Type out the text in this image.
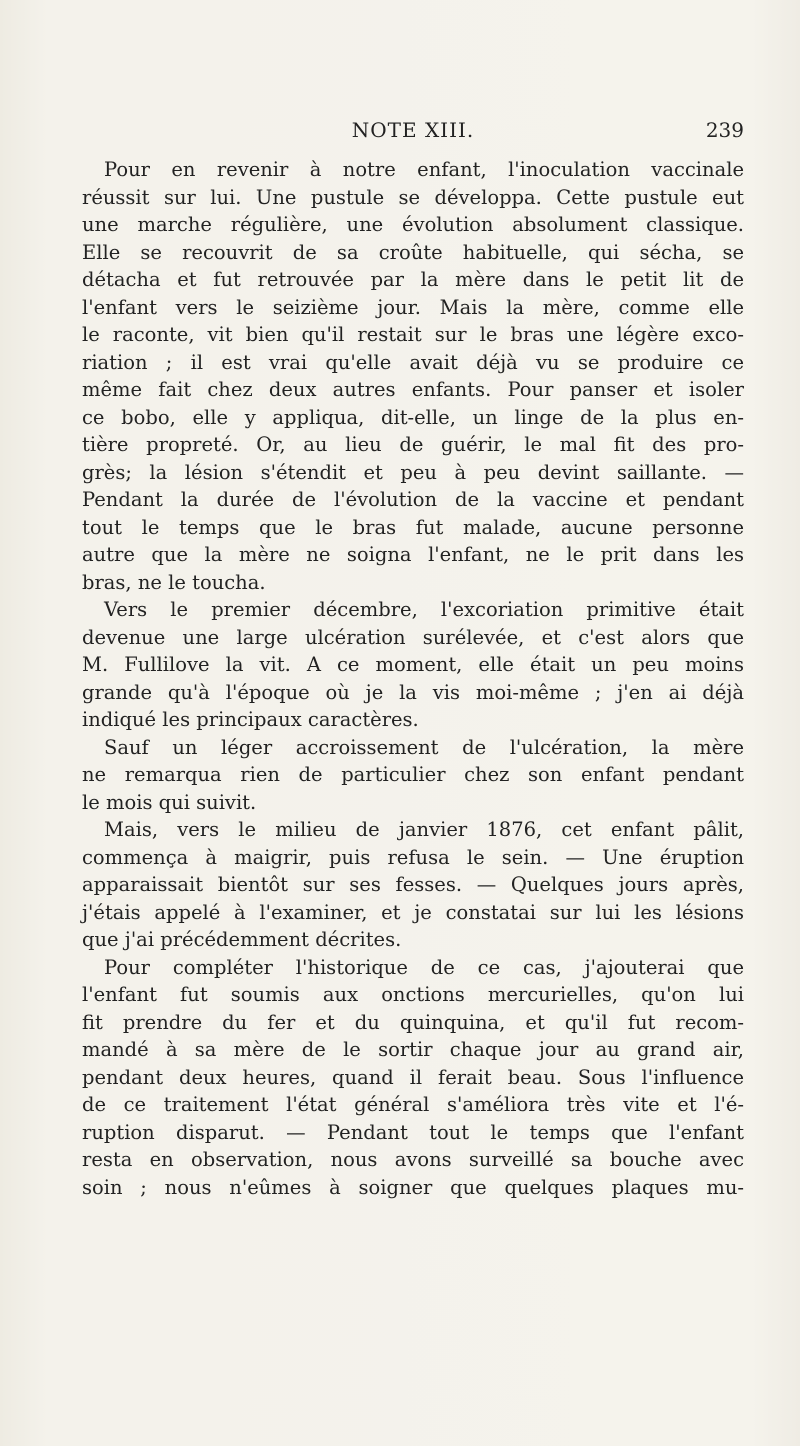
NOTE XIII.	239
Pour en revenir à notre enfant, l'inoculation vaccinale
réussit sur lui. Une pustule se développa. Cette pustule eut
une marche régulière, une évolution absolument classique.
Elle se recouvrit de sa croûte habituelle, qui sécha, se
détacha et fut retrouvée par la mère dans le petit lit de
l'enfant vers le seizième jour. Mais la mère, comme elle
le raconte, vit bien qu'il restait sur le bras une légère exco-
riation ; il est vrai qu'elle avait déjà vu se produire ce
même fait chez deux autres enfants. Pour panser et isoler
ce bobo, elle y appliqua, dit-elle, un linge de la plus en-
tière propreté. Or, au lieu de guérir, le mal fit des pro-
grès; la lésion s'étendit et peu à peu devint saillante. —
Pendant la durée de l'évolution de la vaccine et pendant
tout le temps que le bras fut malade, aucune personne
autre que la mère ne soigna l'enfant, ne le prit dans les
bras, ne le toucha.
Vers le premier décembre, l'excoriation primitive était
devenue une large ulcération surélevée, et c'est alors que
M. Fullilove la vit. A ce moment, elle était un peu moins
grande qu'à l'époque où je la vis moi-même ; j'en ai déjà
indiqué les principaux caractères.
Sauf un léger accroissement de l'ulcération, la mère
ne remarqua rien de particulier chez son enfant pendant
le mois qui suivit.
Mais, vers le milieu de janvier 1876, cet enfant pâlit,
commença à maigrir, puis refusa le sein. — Une éruption
apparaissait bientôt sur ses fesses. — Quelques jours après,
j'étais appelé à l'examiner, et je constatai sur lui les lésions
que j'ai précédemment décrites.
Pour compléter l'historique de ce cas, j'ajouterai que
l'enfant fut soumis aux onctions mercurielles, qu'on lui
fit prendre du fer et du quinquina, et qu'il fut recom-
mandé à sa mère de le sortir chaque jour au grand air,
pendant deux heures, quand il ferait beau. Sous l'influence
de ce traitement l'état général s'améliora très vite et l'é-
ruption disparut. — Pendant tout le temps que l'enfant
resta en observation, nous avons surveillé sa bouche avec
soin ; nous n'eûmes à soigner que quelques plaques mu-
